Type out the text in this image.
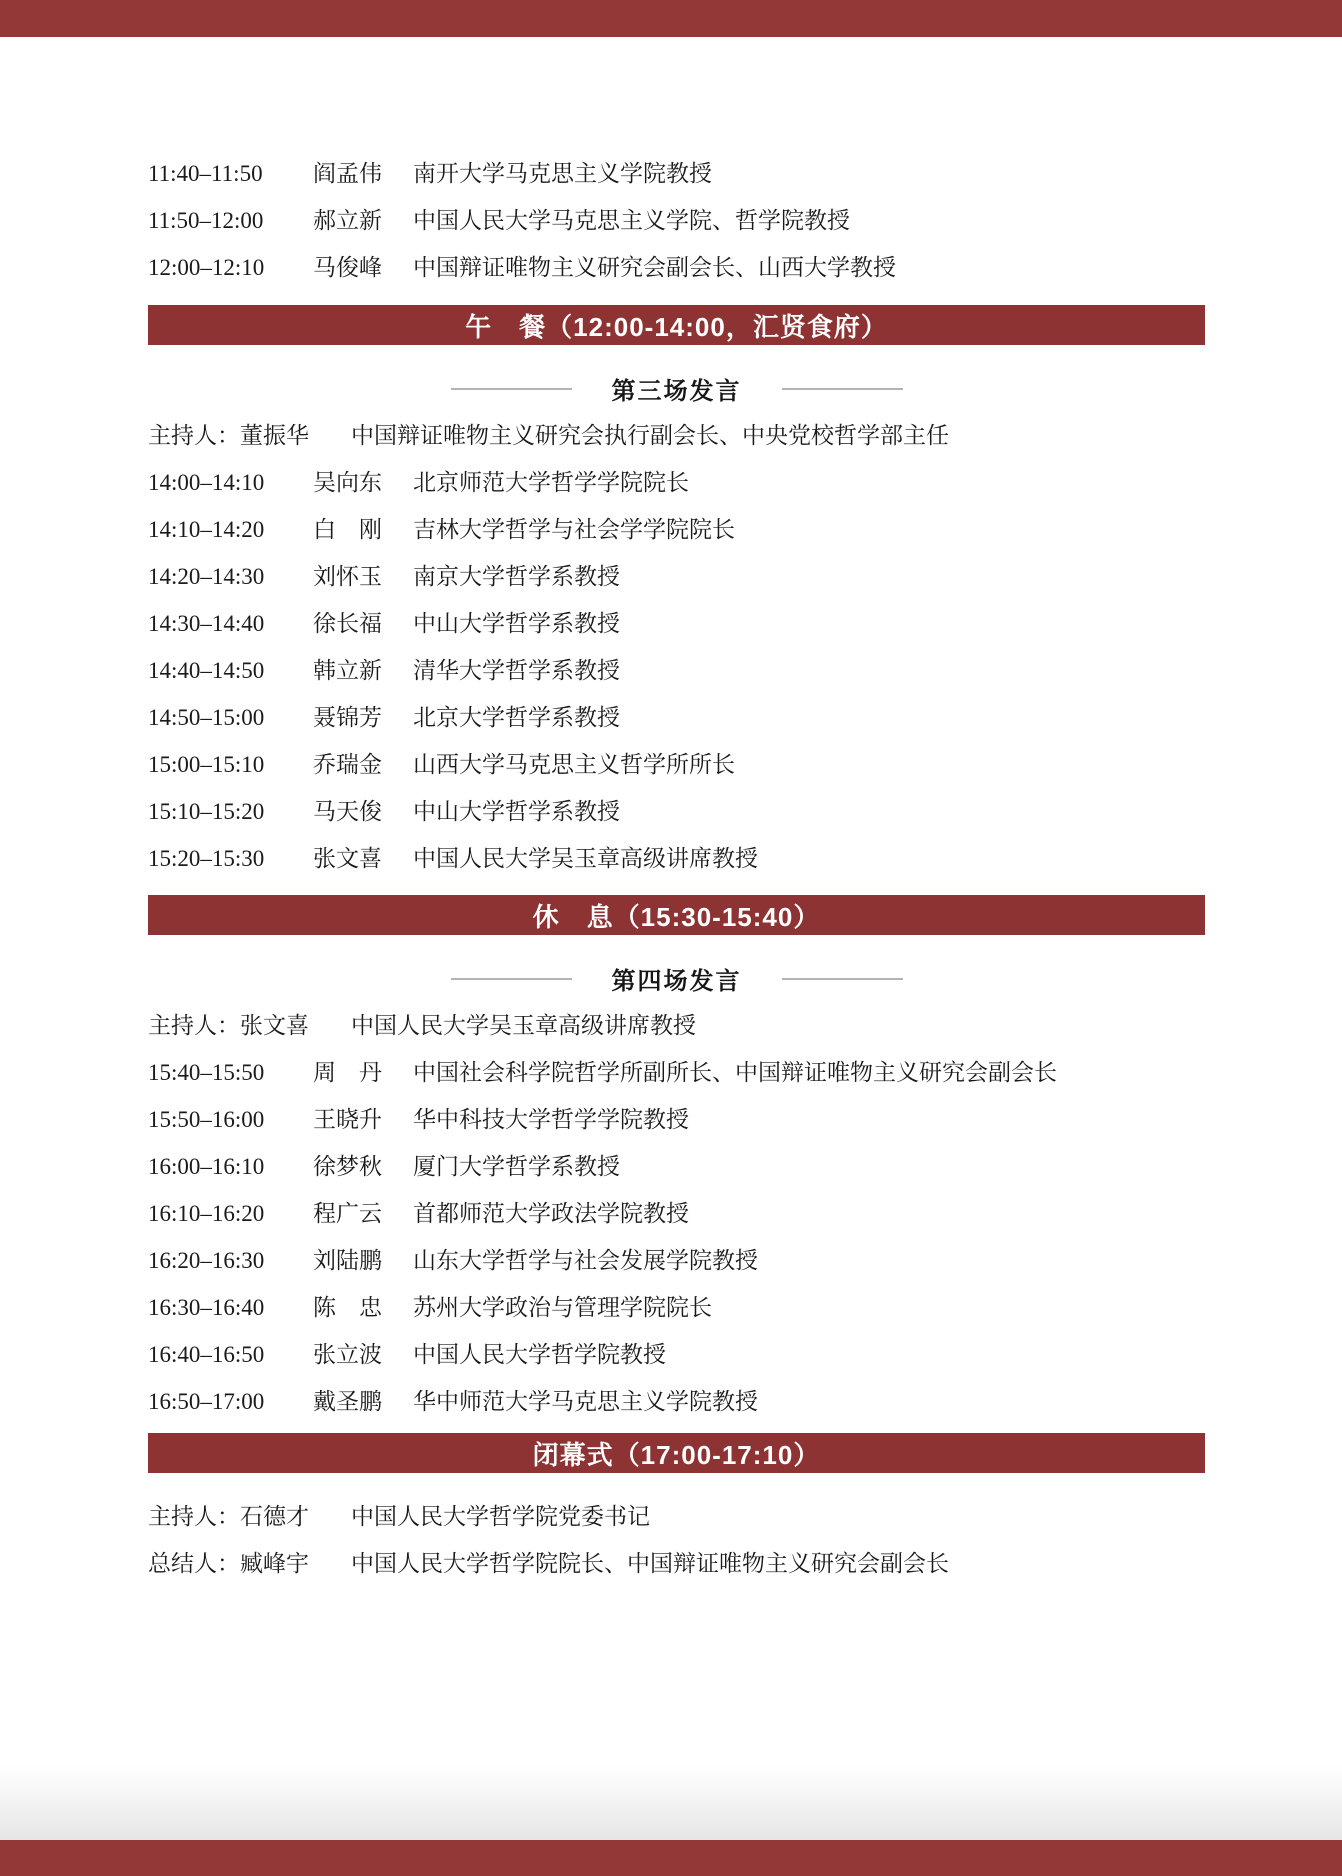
11:40–11:50	阎孟伟	南开大学马克思主义学院教授
11:50–12:00	郝立新	中国人民大学马克思主义学院、哲学院教授
12:00–12:10	马俊峰	中国辩证唯物主义研究会副会长、山西大学教授
午　餐（12:00-14:00，汇贤食府）
第三场发言
主持人： 董振华 中国辩证唯物主义研究会执行副会长、中央党校哲学部主任
14:00–14:10	吴向东	北京师范大学哲学学院院长
14:10–14:20	白　刚	吉林大学哲学与社会学学院院长
14:20–14:30	刘怀玉	南京大学哲学系教授
14:30–14:40	徐长福	中山大学哲学系教授
14:40–14:50	韩立新	清华大学哲学系教授
14:50–15:00	聂锦芳	北京大学哲学系教授
15:00–15:10	乔瑞金	山西大学马克思主义哲学所所长
15:10–15:20	马天俊	中山大学哲学系教授
15:20–15:30	张文喜	中国人民大学吴玉章高级讲席教授
休　息（15:30-15:40）
第四场发言
主持人： 张文喜 中国人民大学吴玉章高级讲席教授
15:40–15:50	周　丹	中国社会科学院哲学所副所长、中国辩证唯物主义研究会副会长
15:50–16:00	王晓升	华中科技大学哲学学院教授
16:00–16:10	徐梦秋	厦门大学哲学系教授
16:10–16:20	程广云	首都师范大学政法学院教授
16:20–16:30	刘陆鹏	山东大学哲学与社会发展学院教授
16:30–16:40	陈　忠	苏州大学政治与管理学院院长
16:40–16:50	张立波	中国人民大学哲学院教授
16:50–17:00	戴圣鹏	华中师范大学马克思主义学院教授
闭幕式（17:00-17:10）
主持人： 石德才 中国人民大学哲学院党委书记
总结人： 臧峰宇 中国人民大学哲学院院长、中国辩证唯物主义研究会副会长
